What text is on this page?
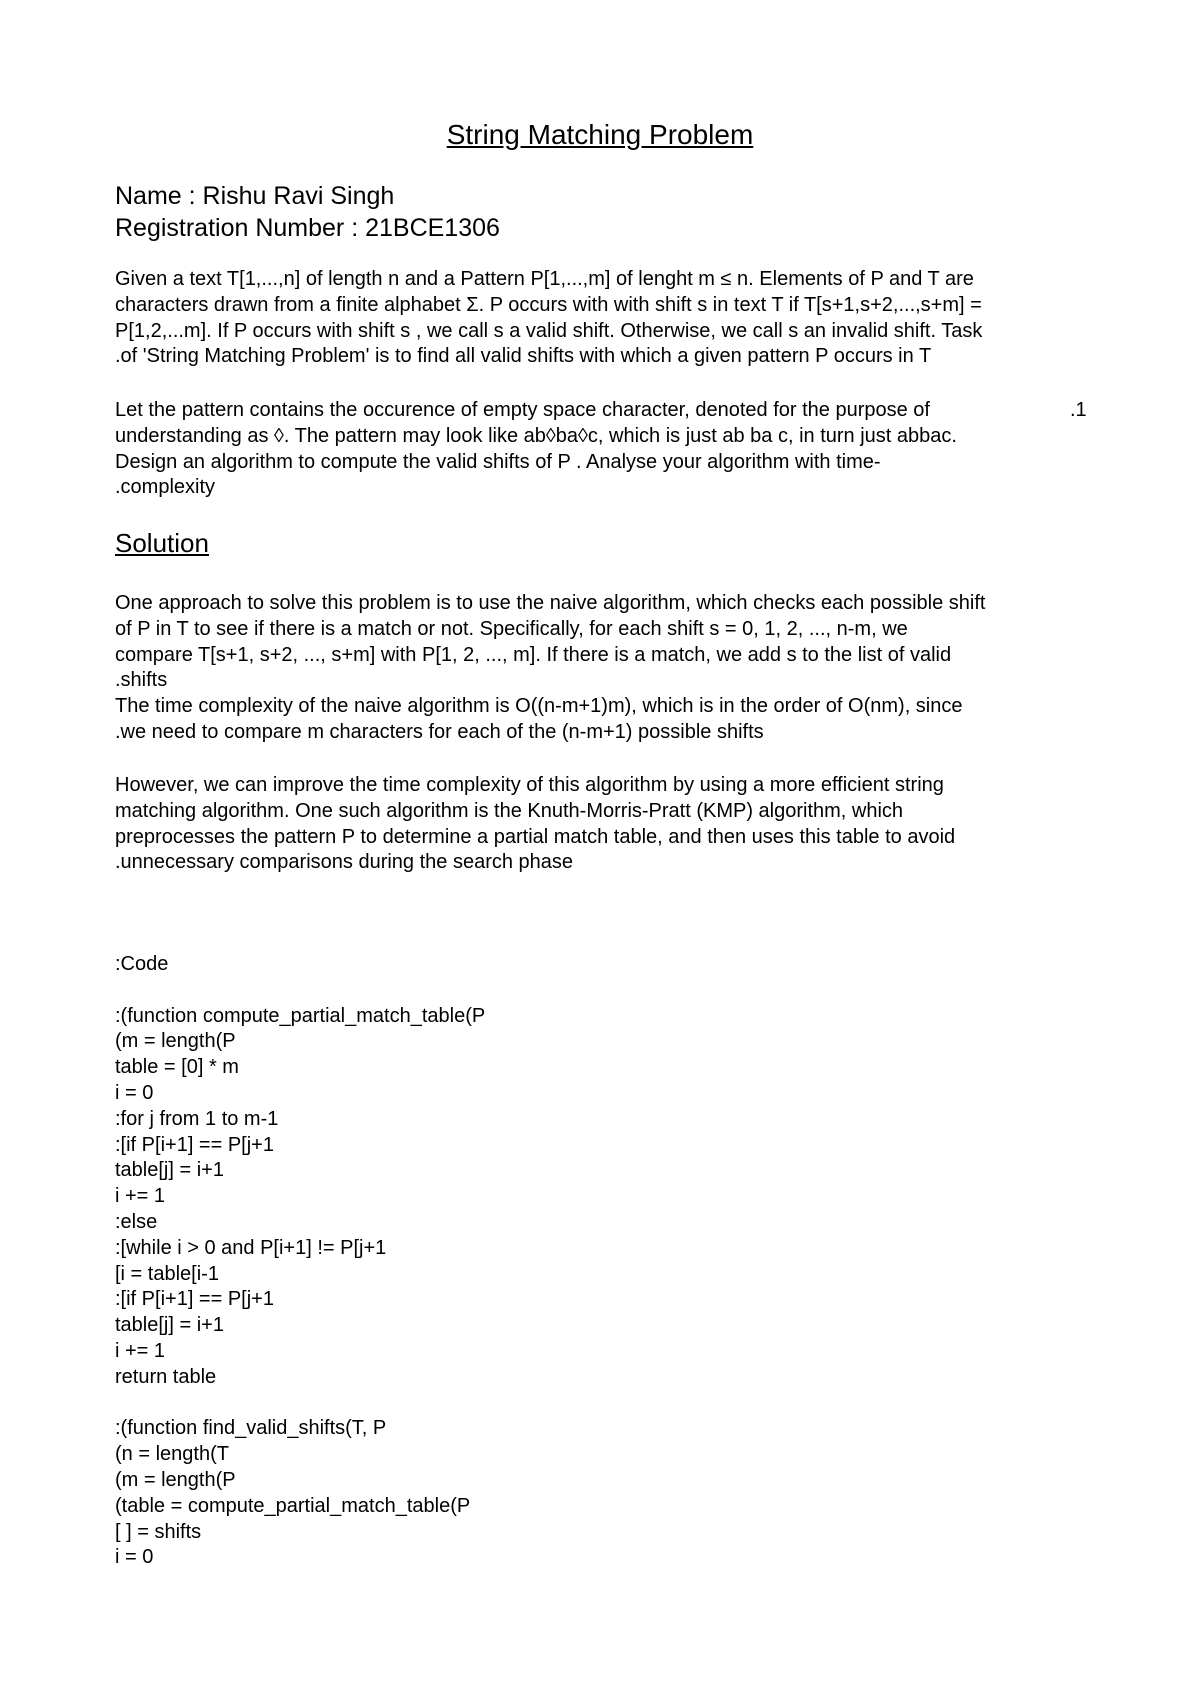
String Matching Problem
Name : Rishu Ravi Singh
Registration Number : 21BCE1306
Given a text T[1,...,n] of length n and a Pattern P[1,...,m] of lenght m ≤ n. Elements of P and T are
characters drawn from a finite alphabet Σ. P occurs with with shift s in text T if T[s+1,s+2,...,s+m] =
P[1,2,...m]. If P occurs with shift s , we call s a valid shift. Otherwise, we call s an invalid shift. Task
.of 'String Matching Problem' is to find all valid shifts with which a given pattern P occurs in T
Let the pattern contains the occurence of empty space character, denoted for the purpose of
understanding as ◊. The pattern may look like ab◊ba◊c, which is just ab ba c, in turn just abbac.
Design an algorithm to compute the valid shifts of P . Analyse your algorithm with time-
.complexity
.1
Solution
One approach to solve this problem is to use the naive algorithm, which checks each possible shift
of P in T to see if there is a match or not. Specifically, for each shift s = 0, 1, 2, ..., n-m, we
compare T[s+1, s+2, ..., s+m] with P[1, 2, ..., m]. If there is a match, we add s to the list of valid
.shifts
The time complexity of the naive algorithm is O((n-m+1)m), which is in the order of O(nm), since
.we need to compare m characters for each of the (n-m+1) possible shifts
However, we can improve the time complexity of this algorithm by using a more efficient string
matching algorithm. One such algorithm is the Knuth-Morris-Pratt (KMP) algorithm, which
preprocesses the pattern P to determine a partial match table, and then uses this table to avoid
.unnecessary comparisons during the search phase
:Code
:(function compute_partial_match_table(P
(m = length(P
table = [0] * m
i = 0
:for j from 1 to m-1
:[if P[i+1] == P[j+1
table[j] = i+1
i += 1
:else
:[while i > 0 and P[i+1] != P[j+1
[i = table[i-1
:[if P[i+1] == P[j+1
table[j] = i+1
i += 1
return table
:(function find_valid_shifts(T, P
(n = length(T
(m = length(P
(table = compute_partial_match_table(P
[ ] = shifts
i = 0
